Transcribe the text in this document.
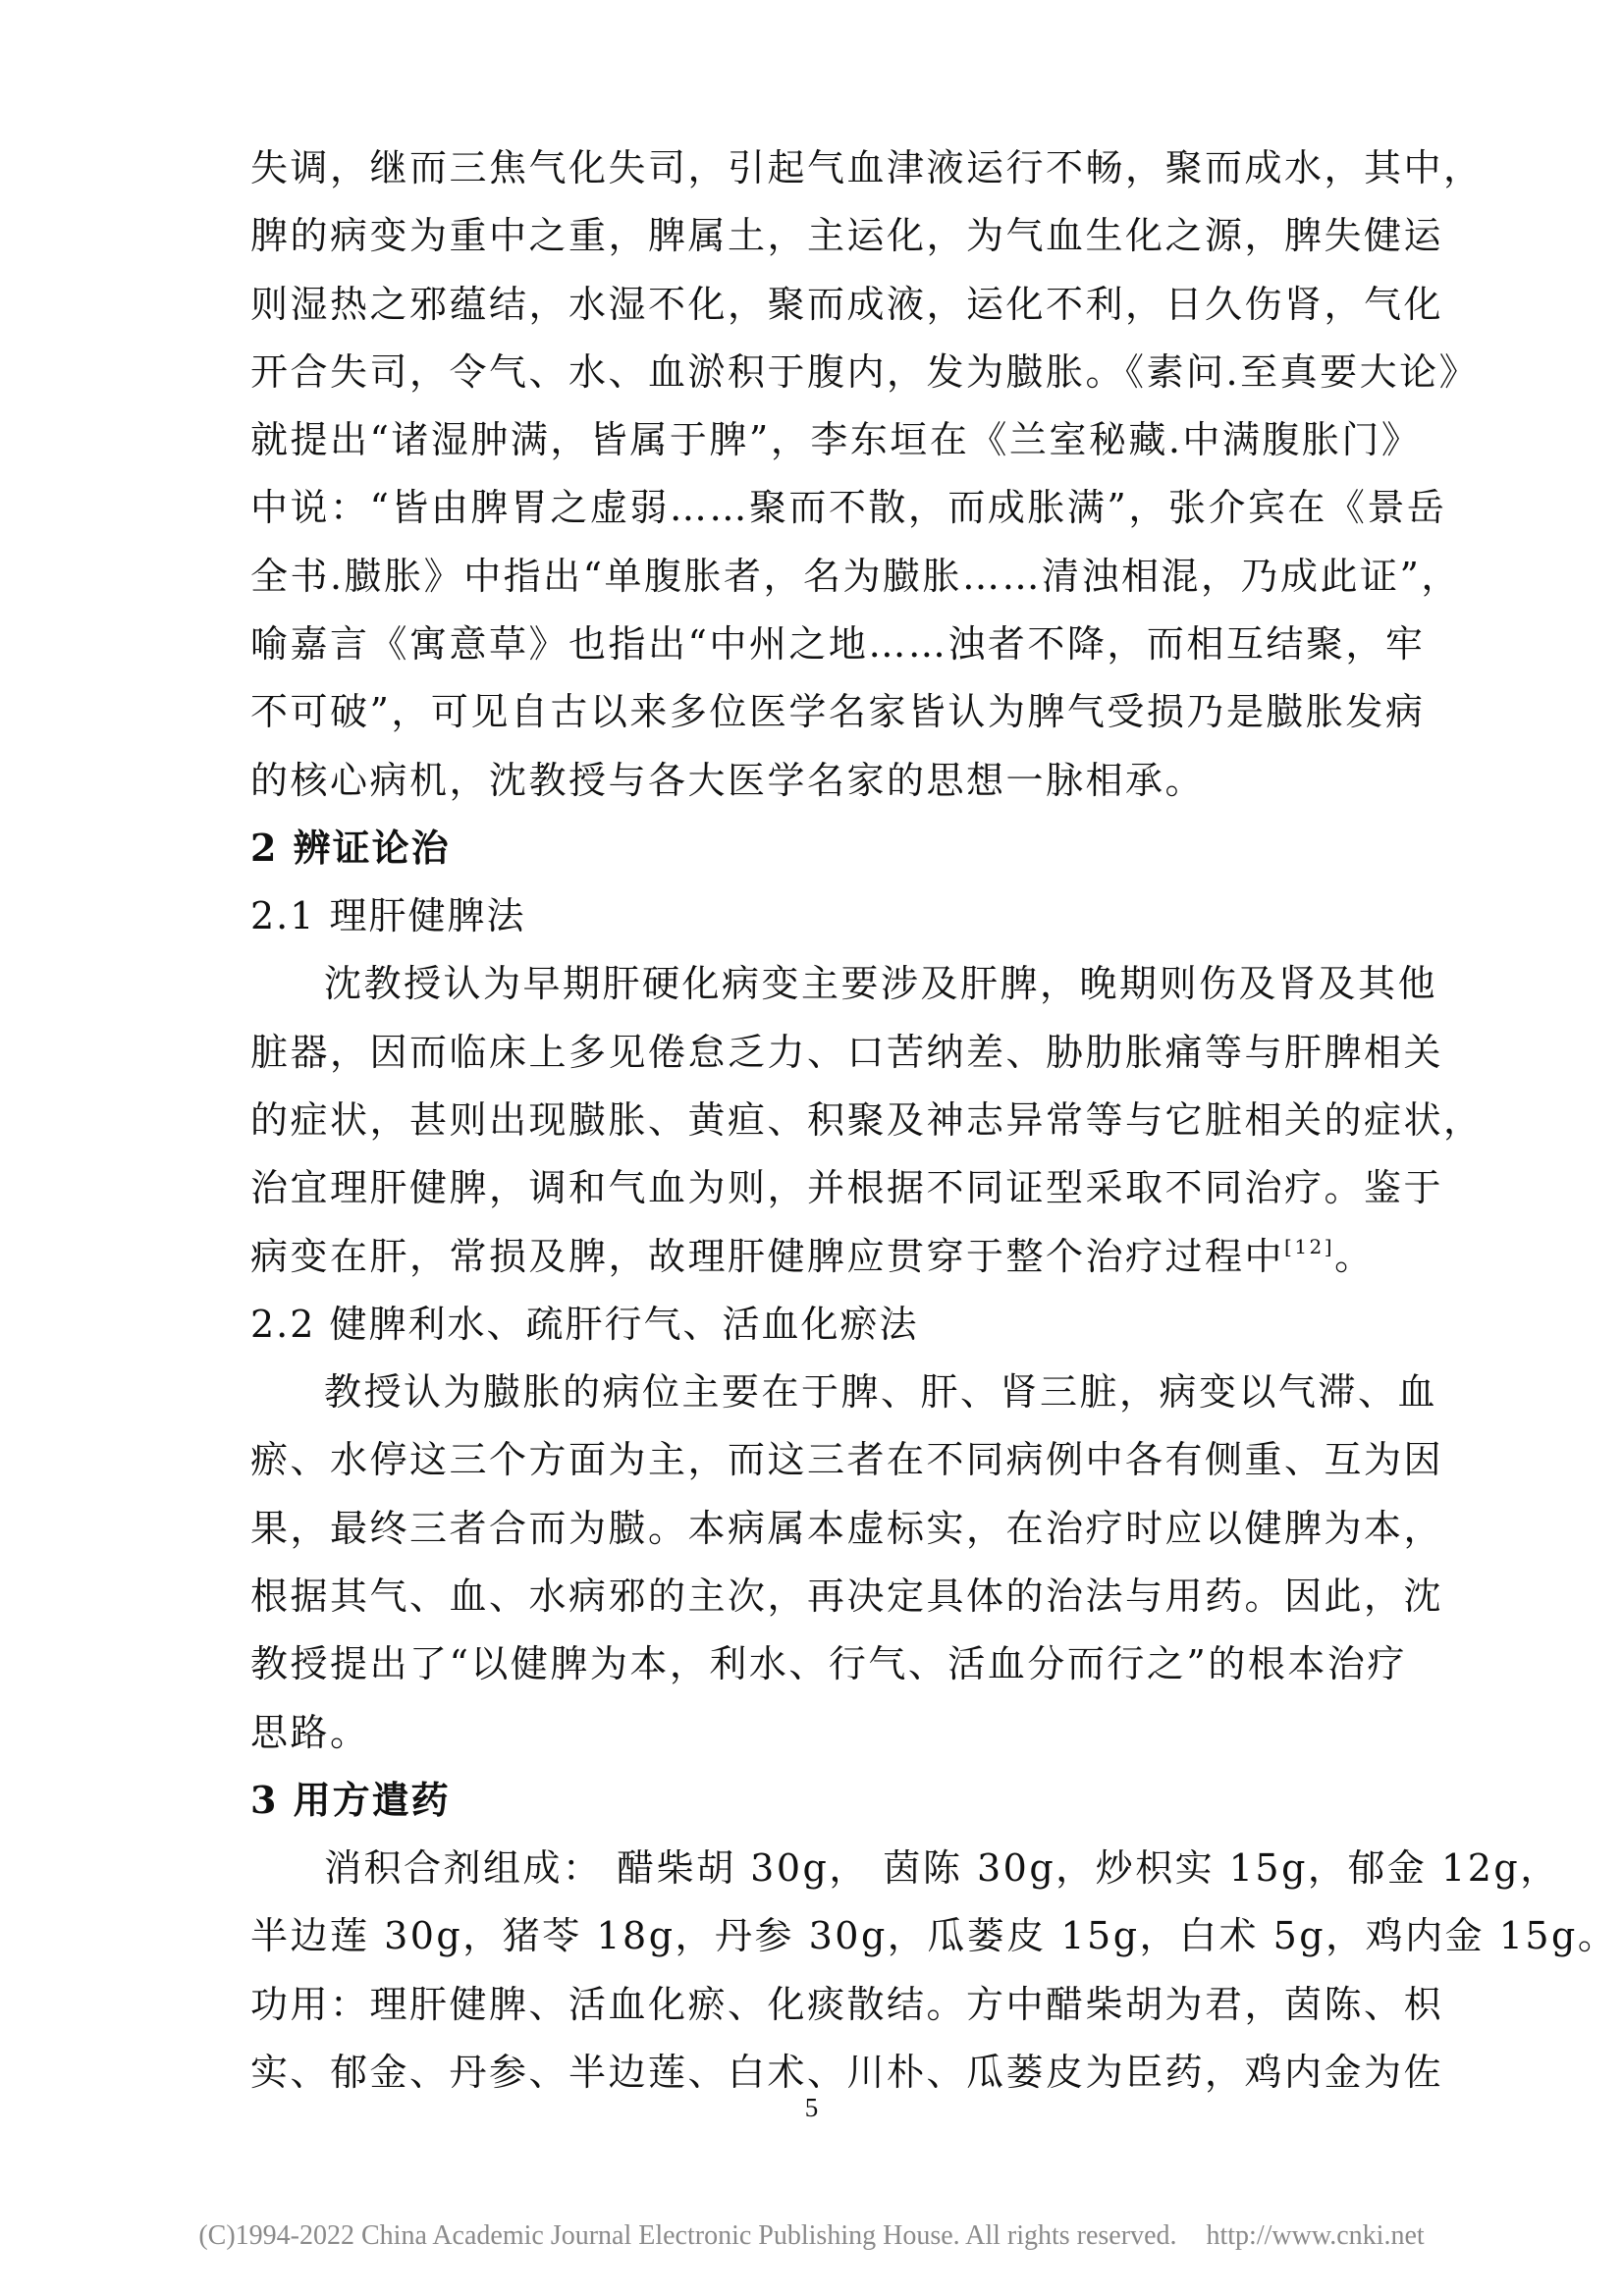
失调，继而三焦气化失司，引起气血津液运行不畅，聚而成水，其中，
脾的病变为重中之重，脾属土，主运化，为气血生化之源，脾失健运
则湿热之邪蕴结，水湿不化，聚而成液，运化不利，日久伤肾，气化
开合失司，令气、水、血淤积于腹内，发为臌胀。《素问.至真要大论》
就提出“诸湿肿满，皆属于脾”，李东垣在《兰室秘藏.中满腹胀门》
中说：“皆由脾胃之虚弱……聚而不散，而成胀满”，张介宾在《景岳
全书.臌胀》中指出“单腹胀者，名为臌胀……清浊相混，乃成此证”，
喻嘉言《寓意草》也指出“中州之地……浊者不降，而相互结聚，牢
不可破”，可见自古以来多位医学名家皆认为脾气受损乃是臌胀发病
的核心病机，沈教授与各大医学名家的思想一脉相承。
2 辨证论治
2.1 理肝健脾法
沈教授认为早期肝硬化病变主要涉及肝脾，晚期则伤及肾及其他
脏器，因而临床上多见倦怠乏力、口苦纳差、胁肋胀痛等与肝脾相关
的症状，甚则出现臌胀、黄疸、积聚及神志异常等与它脏相关的症状，
治宜理肝健脾，调和气血为则，并根据不同证型采取不同治疗。鉴于
病变在肝，常损及脾，故理肝健脾应贯穿于整个治疗过程中[12]。
2.2 健脾利水、疏肝行气、活血化瘀法
教授认为臌胀的病位主要在于脾、肝、肾三脏，病变以气滞、血
瘀、水停这三个方面为主，而这三者在不同病例中各有侧重、互为因
果，最终三者合而为臌。本病属本虚标实，在治疗时应以健脾为本，
根据其气、血、水病邪的主次，再决定具体的治法与用药。因此，沈
教授提出了“以健脾为本，利水、行气、活血分而行之”的根本治疗
思路。
3 用方遣药
消积合剂组成： 醋柴胡 30g， 茵陈 30g，炒枳实 15g，郁金 12g，
半边莲 30g，猪苓 18g，丹参 30g，瓜蒌皮 15g，白术 5g，鸡内金 15g。
功用：理肝健脾、活血化瘀、化痰散结。方中醋柴胡为君，茵陈、枳
实、郁金、丹参、半边莲、白术、川朴、瓜蒌皮为臣药，鸡内金为佐
5
(C)1994-2022 China Academic Journal Electronic Publishing House. All rights reserved. http://www.cnki.net
